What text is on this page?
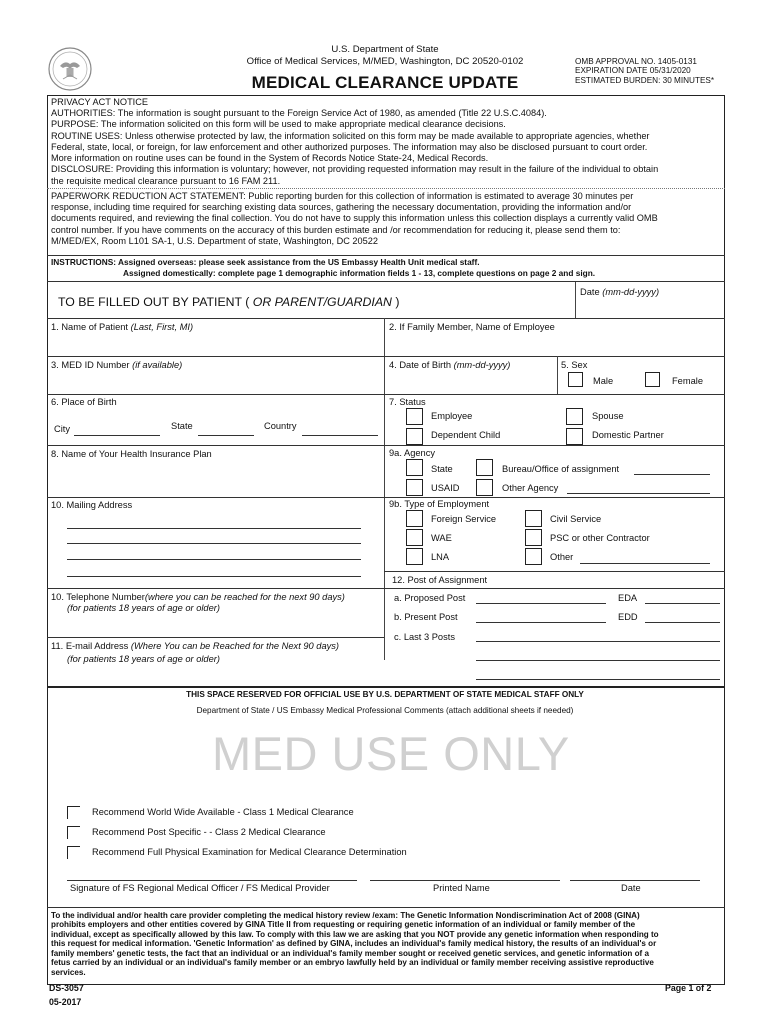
U.S. Department of State
Office of Medical Services, M/MED, Washington, DC 20520-0102
MEDICAL CLEARANCE UPDATE
OMB APPROVAL NO. 1405-0131
EXPIRATION DATE 05/31/2020
ESTIMATED BURDEN: 30 MINUTES*
PRIVACY ACT NOTICE
AUTHORITIES: The information is sought pursuant to the Foreign Service Act of 1980, as amended (Title 22 U.S.C.4084).
PURPOSE: The information solicited on this form will be used to make appropriate medical clearance decisions.
ROUTINE USES: Unless otherwise protected by law, the information solicited on this form may be made available to appropriate agencies, whether
Federal, state, local, or foreign, for law enforcement and other authorized purposes. The information may also be disclosed pursuant to court order.
More information on routine uses can be found in the System of Records Notice State-24, Medical Records.
DISCLOSURE: Providing this information is voluntary; however, not providing requested information may result in the failure of the individual to obtain
the requisite medical clearance pursuant to 16 FAM 211.
PAPERWORK REDUCTION ACT STATEMENT: Public reporting burden for this collection of information is estimated to average 30 minutes per
response, including time required for searching existing data sources, gathering the necessary documentation, providing the information and/or
documents required, and reviewing the final collection. You do not have to supply this information unless this collection displays a currently valid OMB
control number. If you have comments on the accuracy of this burden estimate and /or recommendation for reducing it, please send them to:
M/MED/EX, Room L101 SA-1, U.S. Department of state, Washington, DC 20522
INSTRUCTIONS: Assigned overseas: please seek assistance from the US Embassy Health Unit medical staff.
Assigned domestically: complete page 1 demographic information fields 1 - 13, complete questions on page 2 and sign.
TO BE FILLED OUT BY PATIENT ( OR PARENT/GUARDIAN )
Date (mm-dd-yyyy)
1. Name of Patient (Last, First, MI)	2. If Family Member, Name of Employee
3. MED ID Number (if available)	4. Date of Birth (mm-dd-yyyy)	5. Sex
Male	Female
6. Place of Birth
City	State	Country
7. Status
Employee	Spouse
Dependent Child	Domestic Partner
8. Name of Your Health Insurance Plan	9a. Agency
State	Bureau/Office of assignment
USAID	Other Agency
10. Mailing Address	9b. Type of Employment
Foreign Service	Civil Service
WAE	PSC or other Contractor
LNA	Other
12. Post of Assignment
10. Telephone Number(where you can be reached for the next 90 days)
(for patients 18 years of age or older)
a. Proposed Post	EDA
b. Present Post	EDD
c. Last 3 Posts
11. E-mail Address (Where You can be Reached for the Next 90 days)
(for patients 18 years of age or older)
THIS SPACE RESERVED FOR OFFICIAL USE BY U.S. DEPARTMENT OF STATE MEDICAL STAFF ONLY
Department of State / US Embassy Medical Professional Comments (attach additional sheets if needed)
MED USE ONLY
Recommend World Wide Available - Class 1 Medical Clearance
Recommend Post Specific - - Class 2 Medical Clearance
Recommend Full Physical Examination for Medical Clearance Determination
Signature of FS Regional Medical Officer / FS Medical Provider	Printed Name	Date
To the individual and/or health care provider completing the medical history review /exam: The Genetic Information Nondiscrimination Act of 2008 (GINA)
prohibits employers and other entities covered by GINA Title II from requesting or requiring genetic information of an individual or family member of the
individual, except as specifically allowed by this law. To comply with this law we are asking that you NOT provide any genetic information when responding to
this request for medical information. 'Genetic Information' as defined by GINA, includes an individual's family medical history, the results of an individual's or
family members' genetic tests, the fact that an individual or an individual's family member sought or received genetic services, and genetic information of a
fetus carried by an individual or an individual's family member or an embryo lawfully held by an individual or family member receiving assistive reproductive
services.
DS-3057
05-2017
Page 1 of 2
